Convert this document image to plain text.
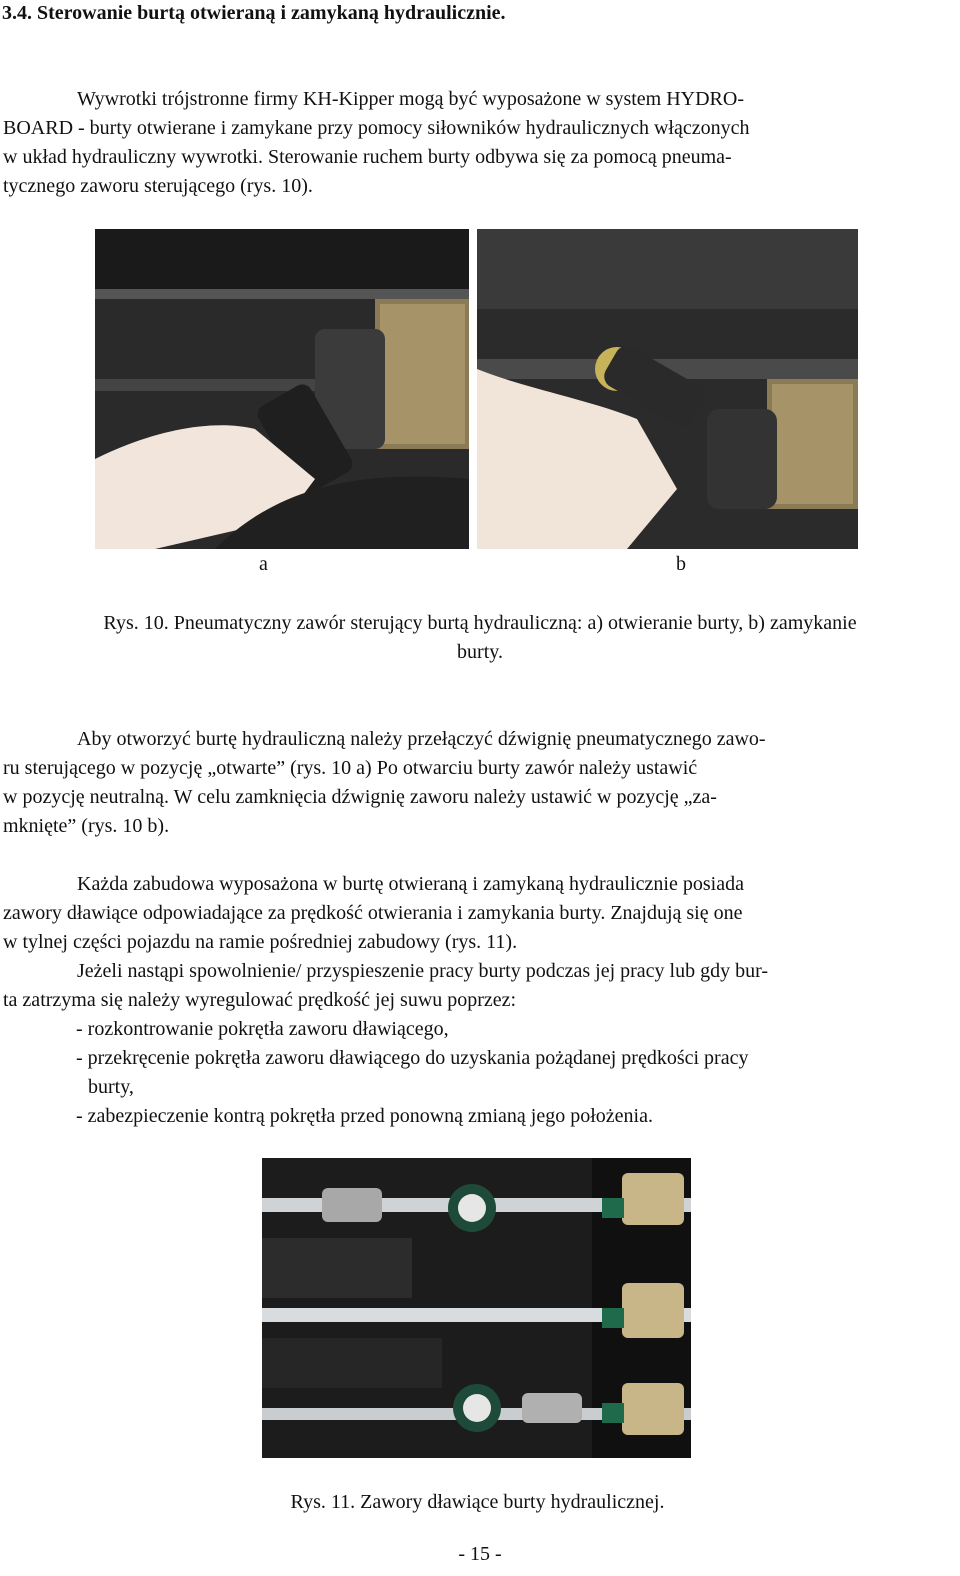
3.4. Sterowanie burtą otwieraną i zamykaną hydraulicznie.
Wywrotki trójstronne firmy KH-Kipper mogą być wyposażone w system HYDRO-
BOARD - burty otwierane i zamykane przy pomocy siłowników hydraulicznych włączonych
w układ hydrauliczny wywrotki. Sterowanie ruchem burty odbywa się za pomocą pneuma-
tycznego zaworu sterującego (rys. 10).
a	b
Rys. 10. Pneumatyczny zawór sterujący burtą hydrauliczną: a) otwieranie burty, b) zamykanie
burty.
Aby otworzyć burtę hydrauliczną należy przełączyć dźwignię pneumatycznego zawo-
ru sterującego w pozycję „otwarte” (rys. 10 a) Po otwarciu burty zawór należy ustawić
w pozycję neutralną. W celu zamknięcia dźwignię zaworu należy ustawić w pozycję „za-
mknięte” (rys. 10 b).
Każda zabudowa wyposażona w burtę otwieraną i zamykaną hydraulicznie posiada
zawory dławiące odpowiadające za prędkość otwierania i zamykania burty. Znajdują się one
w tylnej części pojazdu na ramie pośredniej zabudowy (rys. 11).
Jeżeli nastąpi spowolnienie/ przyspieszenie pracy burty podczas jej pracy lub gdy bur-
ta zatrzyma się należy wyregulować prędkość jej suwu poprzez:
- rozkontrowanie pokrętła zaworu dławiącego,
- przekręcenie pokrętła zaworu dławiącego do uzyskania pożądanej prędkości pracy
burty,
- zabezpieczenie kontrą pokrętła przed ponowną zmianą jego położenia.
Rys. 11. Zawory dławiące burty hydraulicznej.
- 15 -
